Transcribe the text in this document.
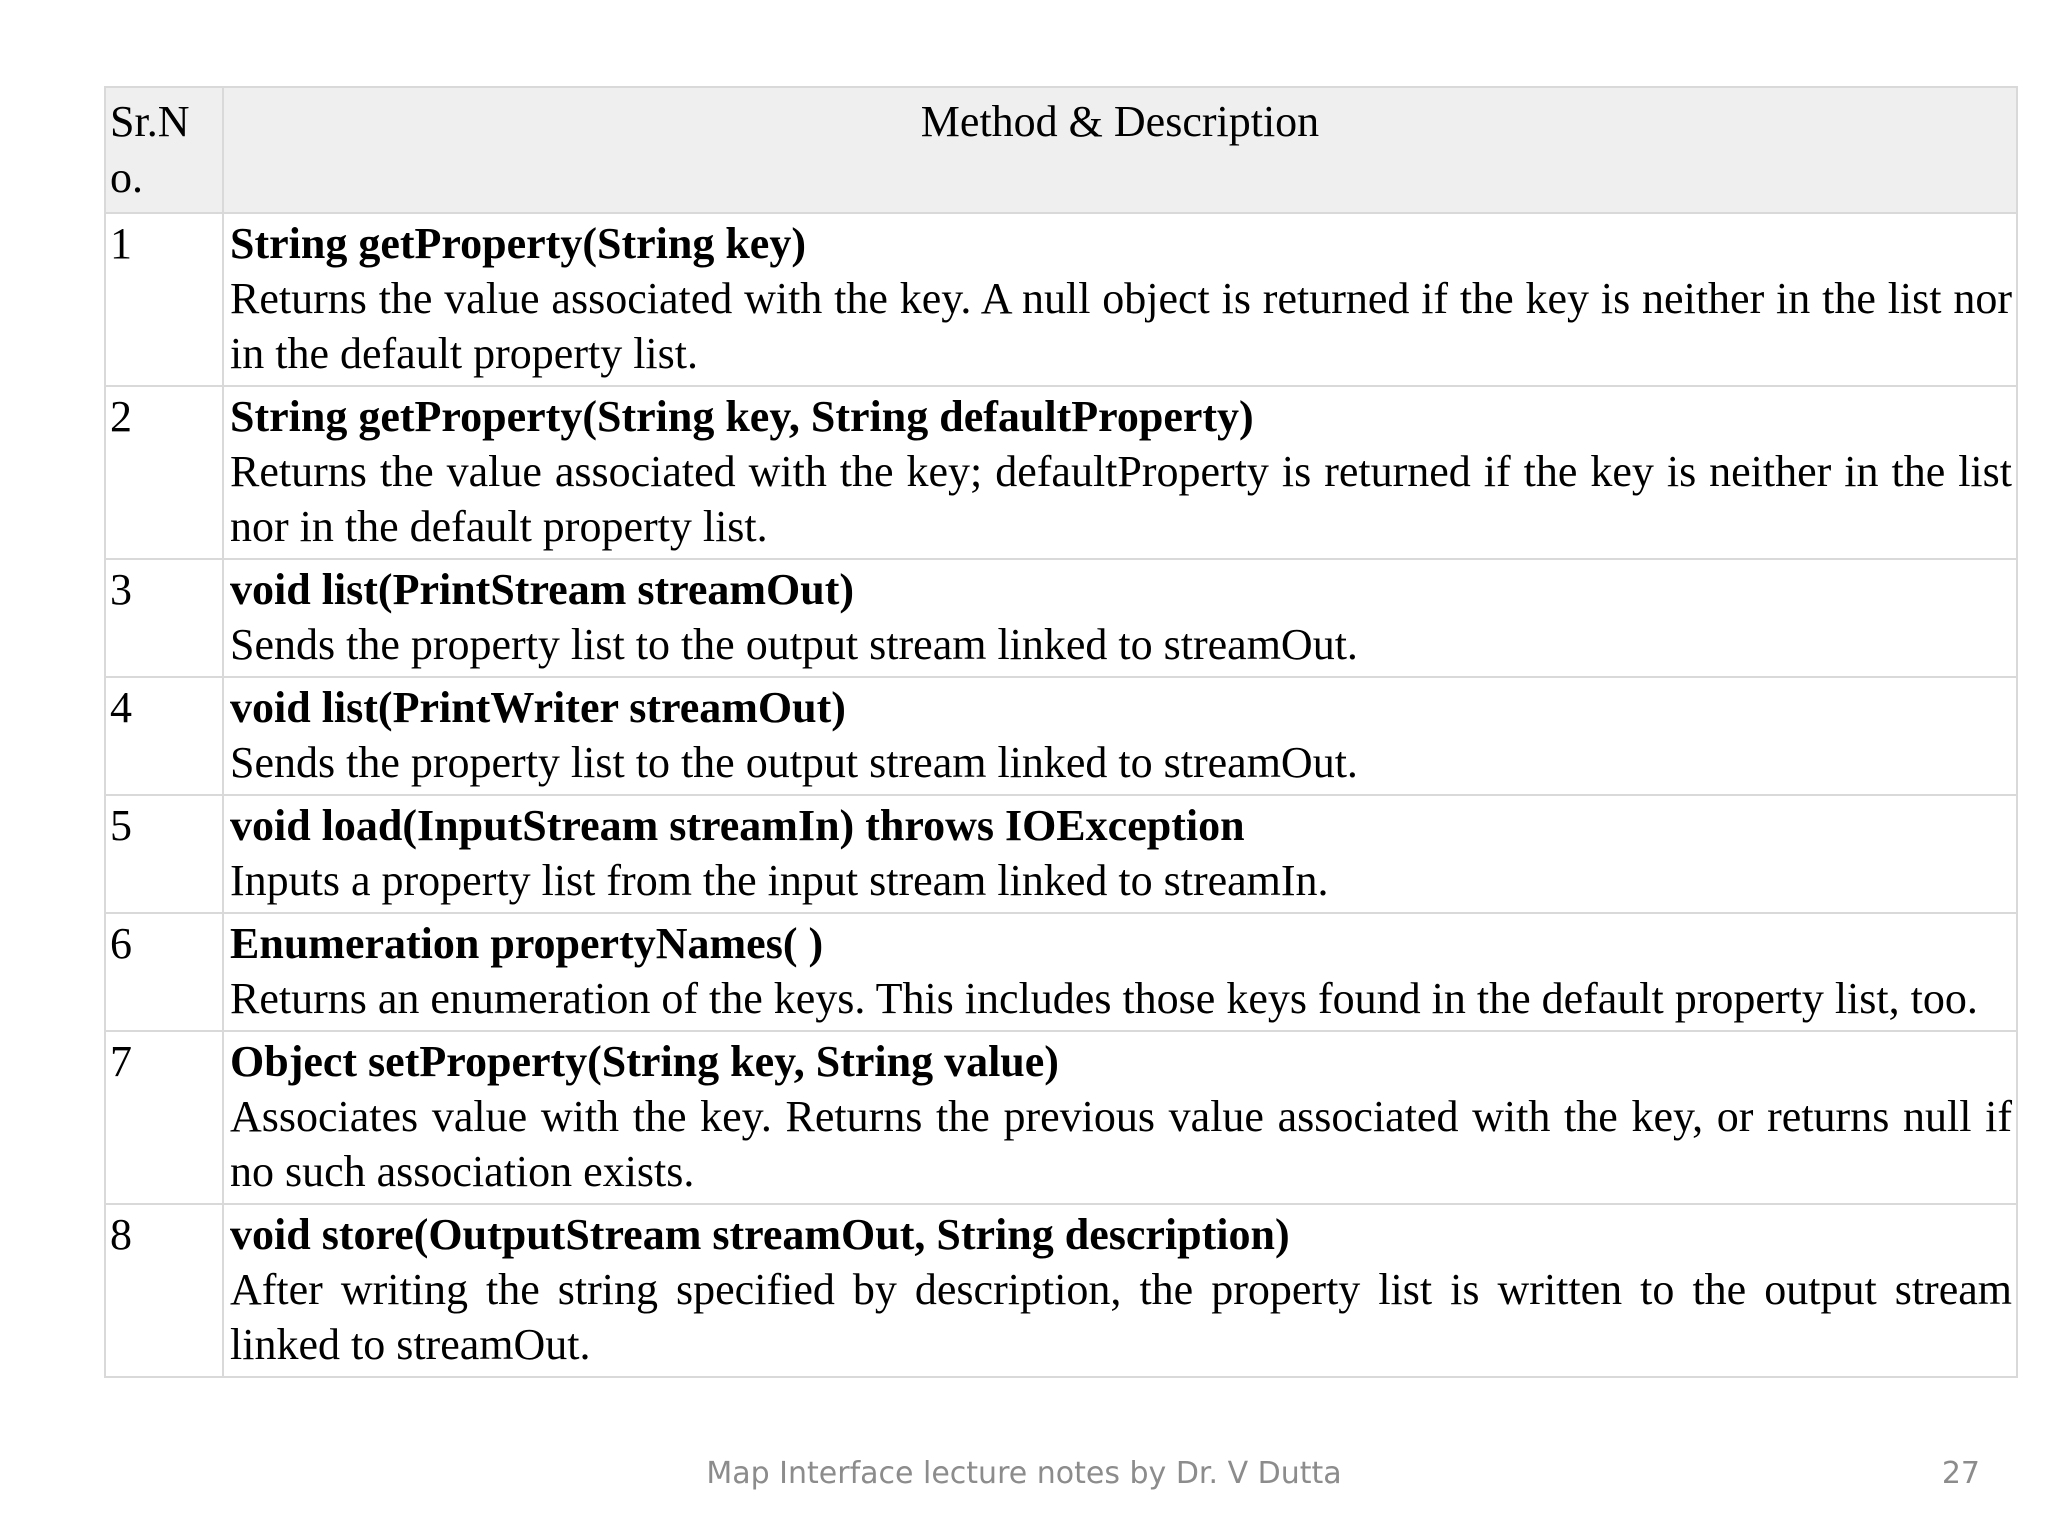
Sr.No.	Method & Description
1	String getProperty(String key)
Returns the value associated with the key. A null object is returned if the key is neither in the list nor in the default property list.

2	String getProperty(String key, String defaultProperty)
Returns the value associated with the key; defaultProperty is returned if the key is neither in the list nor in the default property list.

3	void list(PrintStream streamOut)
Sends the property list to the output stream linked to streamOut.

4	void list(PrintWriter streamOut)
Sends the property list to the output stream linked to streamOut.

5	void load(InputStream streamIn) throws IOException
Inputs a property list from the input stream linked to streamIn.

6	Enumeration propertyNames( )
Returns an enumeration of the keys. This includes those keys found in the default property list, too.

7	Object setProperty(String key, String value)
Associates value with the key. Returns the previous value associated with the key, or returns null if no such association exists.

8	void store(OutputStream streamOut, String description)
After writing the string specified by description, the property list is written to the output stream linked to streamOut.
Map Interface lecture notes by Dr. V Dutta	27
